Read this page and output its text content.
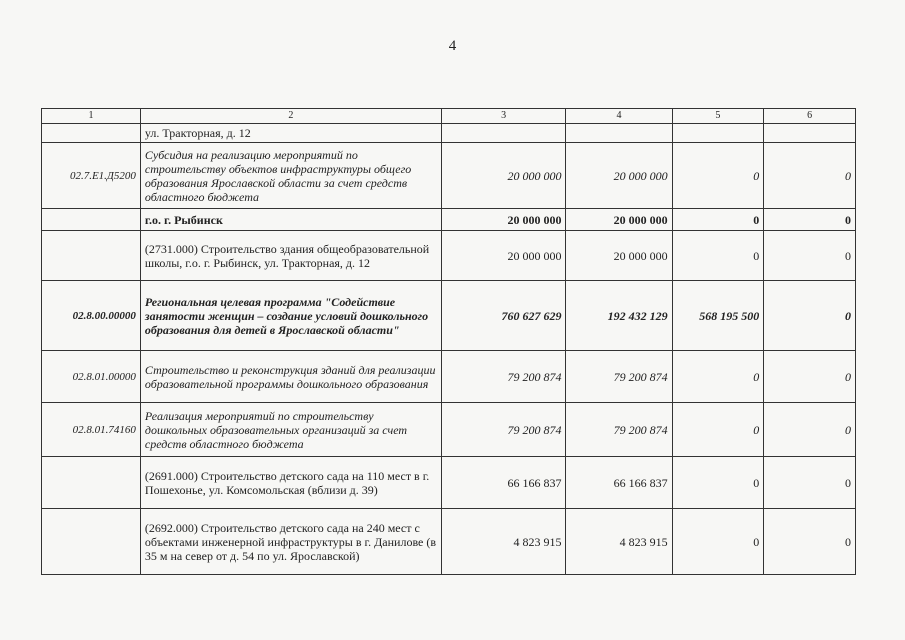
4
1	2	3	4	5	6
	ул. Тракторная, д. 12				
02.7.Е1.Д5200	Субсидия на реализацию мероприятий по строительству объектов инфраструктуры общего образования Ярославской области за счет средств областного бюджета	20 000 000	20 000 000	0	0
	г.о. г. Рыбинск	20 000 000	20 000 000	0	0
	(2731.000) Строительство здания общеобразовательной школы, г.о. г. Рыбинск, ул. Тракторная, д. 12	20 000 000	20 000 000	0	0
02.8.00.00000	Региональная целевая программа "Содействие занятости женщин – создание условий дошкольного образования для детей в Ярославской области"	760 627 629	192 432 129	568 195 500	0
02.8.01.00000	Строительство и реконструкция зданий для реализации образовательной программы дошкольного образования	79 200 874	79 200 874	0	0
02.8.01.74160	Реализация мероприятий по строительству дошкольных образовательных организаций за счет средств областного бюджета	79 200 874	79 200 874	0	0
	(2691.000) Строительство детского сада на 110 мест в г. Пошехонье, ул. Комсомольская (вблизи д. 39)	66 166 837	66 166 837	0	0
	(2692.000) Строительство детского сада на 240 мест с объектами инженерной инфраструктуры в г. Данилове (в 35 м на север от д. 54 по ул. Ярославской)	4 823 915	4 823 915	0	0
